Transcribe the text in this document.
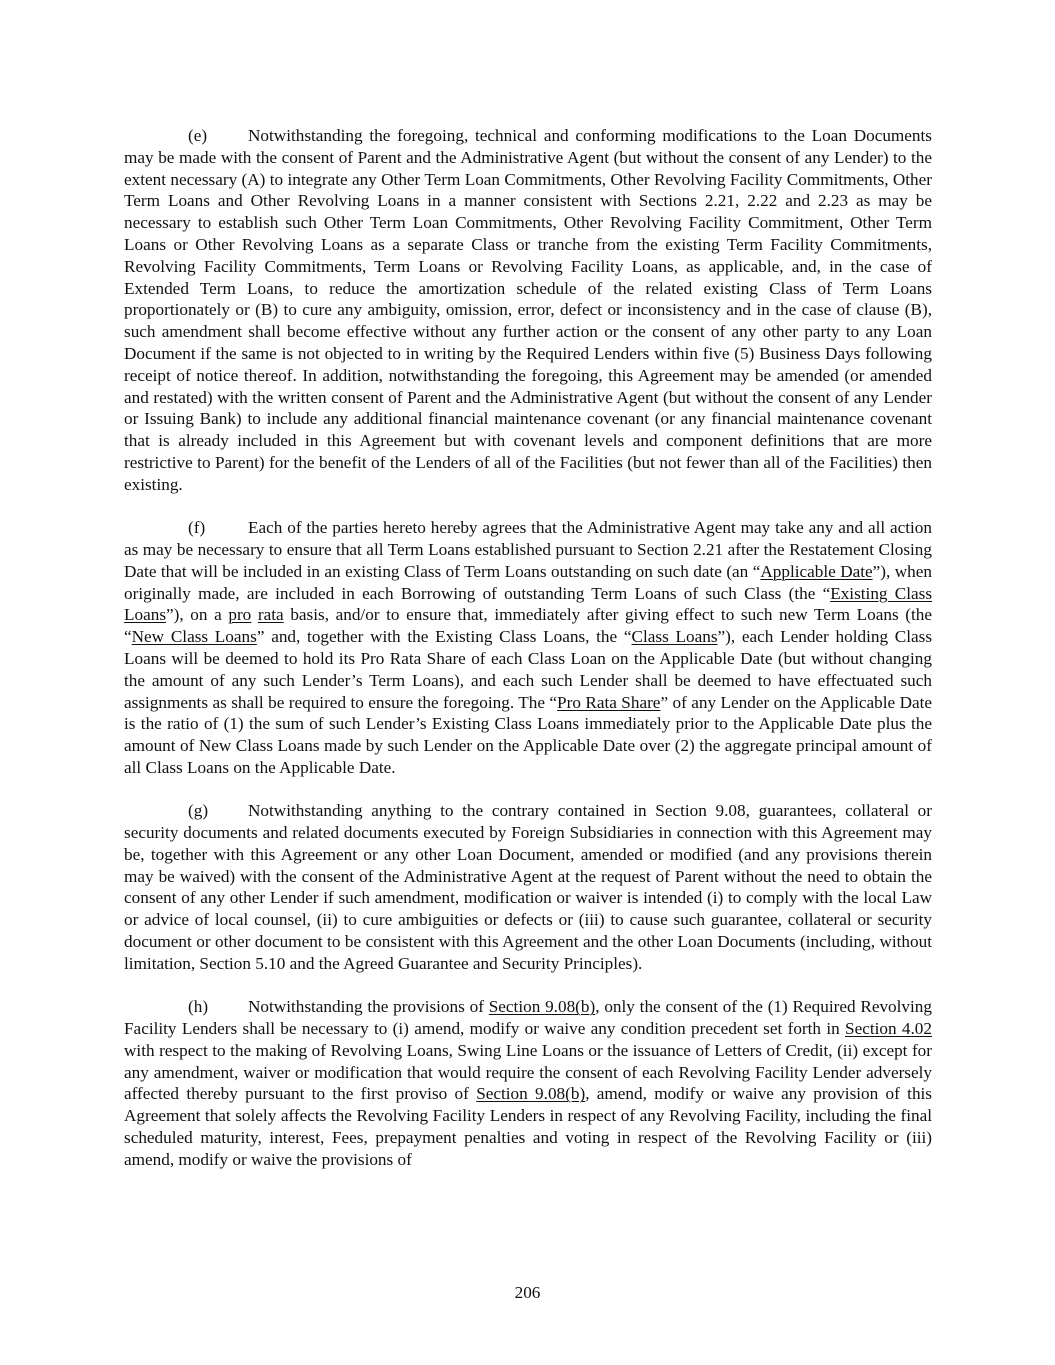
(e) Notwithstanding the foregoing, technical and conforming modifications to the Loan Documents may be made with the consent of Parent and the Administrative Agent (but without the consent of any Lender) to the extent necessary (A) to integrate any Other Term Loan Commitments, Other Revolving Facility Commitments, Other Term Loans and Other Revolving Loans in a manner consistent with Sections 2.21, 2.22 and 2.23 as may be necessary to establish such Other Term Loan Commitments, Other Revolving Facility Commitment, Other Term Loans or Other Revolving Loans as a separate Class or tranche from the existing Term Facility Commitments, Revolving Facility Commitments, Term Loans or Revolving Facility Loans, as applicable, and, in the case of Extended Term Loans, to reduce the amortization schedule of the related existing Class of Term Loans proportionately or (B) to cure any ambiguity, omission, error, defect or inconsistency and in the case of clause (B), such amendment shall become effective without any further action or the consent of any other party to any Loan Document if the same is not objected to in writing by the Required Lenders within five (5) Business Days following receipt of notice thereof. In addition, notwithstanding the foregoing, this Agreement may be amended (or amended and restated) with the written consent of Parent and the Administrative Agent (but without the consent of any Lender or Issuing Bank) to include any additional financial maintenance covenant (or any financial maintenance covenant that is already included in this Agreement but with covenant levels and component definitions that are more restrictive to Parent) for the benefit of the Lenders of all of the Facilities (but not fewer than all of the Facilities) then existing.

(f) Each of the parties hereto hereby agrees that the Administrative Agent may take any and all action as may be necessary to ensure that all Term Loans established pursuant to Section 2.21 after the Restatement Closing Date that will be included in an existing Class of Term Loans outstanding on such date (an “Applicable Date”), when originally made, are included in each Borrowing of outstanding Term Loans of such Class (the “Existing Class Loans”), on a pro rata basis, and/or to ensure that, immediately after giving effect to such new Term Loans (the “New Class Loans” and, together with the Existing Class Loans, the “Class Loans”), each Lender holding Class Loans will be deemed to hold its Pro Rata Share of each Class Loan on the Applicable Date (but without changing the amount of any such Lender’s Term Loans), and each such Lender shall be deemed to have effectuated such assignments as shall be required to ensure the foregoing. The “Pro Rata Share” of any Lender on the Applicable Date is the ratio of (1) the sum of such Lender’s Existing Class Loans immediately prior to the Applicable Date plus the amount of New Class Loans made by such Lender on the Applicable Date over (2) the aggregate principal amount of all Class Loans on the Applicable Date.

(g) Notwithstanding anything to the contrary contained in Section 9.08, guarantees, collateral or security documents and related documents executed by Foreign Subsidiaries in connection with this Agreement may be, together with this Agreement or any other Loan Document, amended or modified (and any provisions therein may be waived) with the consent of the Administrative Agent at the request of Parent without the need to obtain the consent of any other Lender if such amendment, modification or waiver is intended (i) to comply with the local Law or advice of local counsel, (ii) to cure ambiguities or defects or (iii) to cause such guarantee, collateral or security document or other document to be consistent with this Agreement and the other Loan Documents (including, without limitation, Section 5.10 and the Agreed Guarantee and Security Principles).

(h) Notwithstanding the provisions of Section 9.08(b), only the consent of the (1) Required Revolving Facility Lenders shall be necessary to (i) amend, modify or waive any condition precedent set forth in Section 4.02 with respect to the making of Revolving Loans, Swing Line Loans or the issuance of Letters of Credit, (ii) except for any amendment, waiver or modification that would require the consent of each Revolving Facility Lender adversely affected thereby pursuant to the first proviso of Section 9.08(b), amend, modify or waive any provision of this Agreement that solely affects the Revolving Facility Lenders in respect of any Revolving Facility, including the final scheduled maturity, interest, Fees, prepayment penalties and voting in respect of the Revolving Facility or (iii) amend, modify or waive the provisions of

206
